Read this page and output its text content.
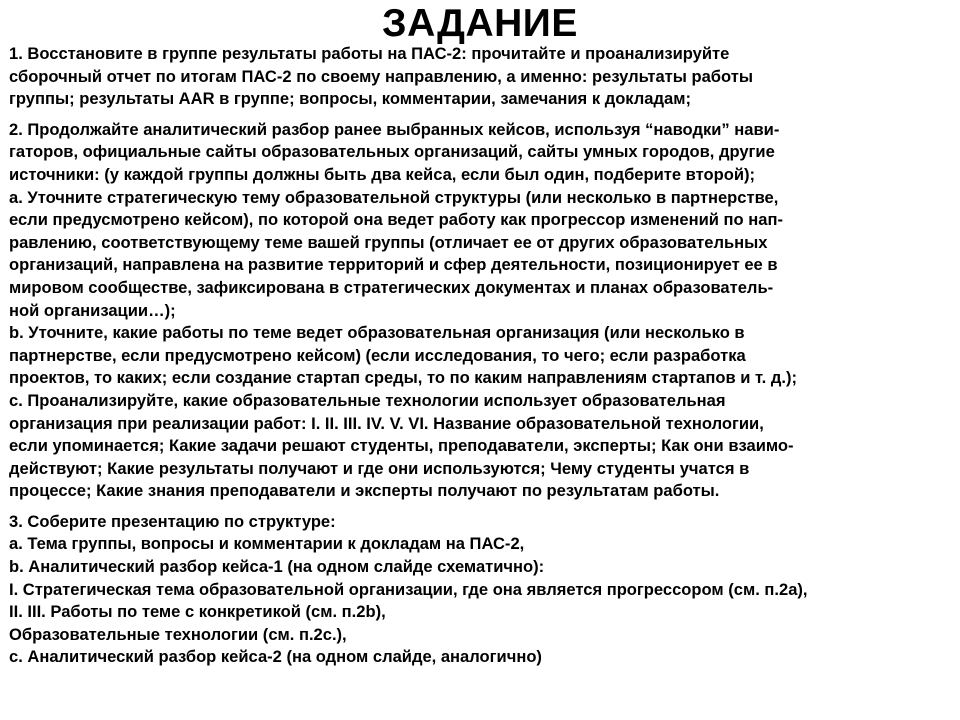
ЗАДАНИЕ
1. Восстановите в группе результаты работы на ПАС-2: прочитайте и проанализируйте
сборочный отчет по итогам ПАС-2 по своему направлению, а именно: результаты работы
группы; результаты AAR в группе; вопросы, комментарии, замечания к докладам;
2. Продолжайте аналитический разбор ранее выбранных кейсов, используя “наводки” нави-
гаторов, официальные сайты образовательных организаций, сайты умных городов, другие
источники: (у каждой группы должны быть два кейса, если был один, подберите второй);
a. Уточните стратегическую тему образовательной структуры (или несколько в партнерстве,
если предусмотрено кейсом), по которой она ведет работу как прогрессор изменений по нап-
равлению, соответствующему теме вашей группы (отличает ее от других образовательных
организаций, направлена на развитие территорий и сфер деятельности, позиционирует ее в
мировом сообществе, зафиксирована в стратегических документах и планах образователь-
ной организации…);
b. Уточните, какие работы по теме ведет образовательная организация (или несколько в
партнерстве, если предусмотрено кейсом) (если исследования, то чего; если разработка
проектов, то каких; если создание стартап среды, то по каким направлениям стартапов и т. д.);
c. Проанализируйте, какие образовательные технологии использует образовательная
организация при реализации работ: I. II. III. IV. V. VI. Название образовательной технологии,
если упоминается; Какие задачи решают студенты, преподаватели, эксперты; Как они взаимо-
действуют; Какие результаты получают и где они используются; Чему студенты учатся в
процессе; Какие знания преподаватели и эксперты получают по результатам работы.
3. Соберите презентацию по структуре:
a. Тема группы, вопросы и комментарии к докладам на ПАС-2,
b. Аналитический разбор кейса-1 (на одном слайде схематично):
I. Стратегическая тема образовательной организации, где она является прогрессором (см. п.2a),
II. III. Работы по теме с конкретикой (см. п.2b),
Образовательные технологии (см. п.2c.),
c. Аналитический разбор кейса-2 (на одном слайде, аналогично)
